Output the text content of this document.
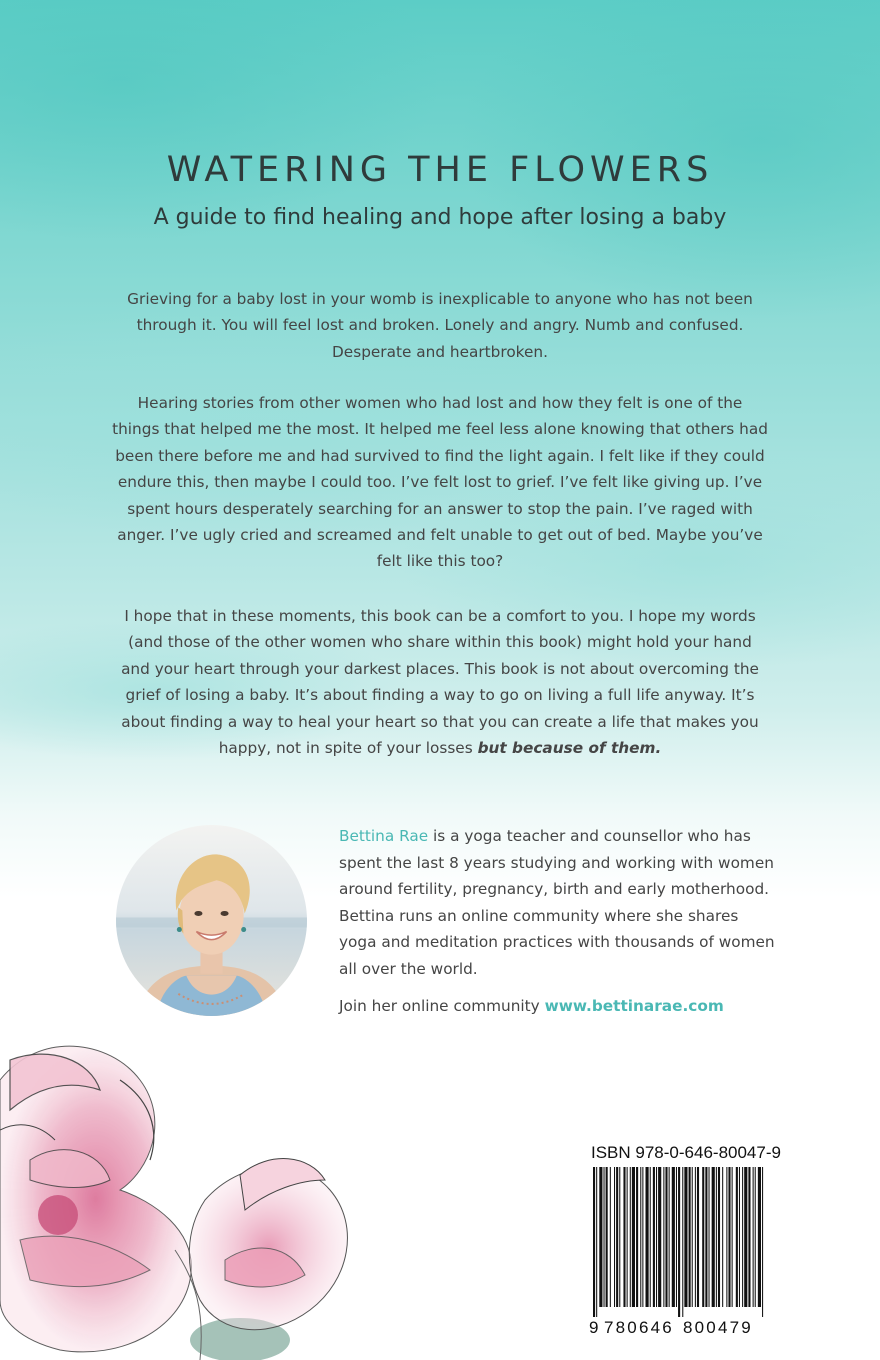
WATERING THE FLOWERS

A guide to find healing and hope after losing a baby

Grieving for a baby lost in your womb is inexplicable to anyone who has not been through it. You will feel lost and broken. Lonely and angry. Numb and confused. Desperate and heartbroken.

Hearing stories from other women who had lost and how they felt is one of the things that helped me the most. It helped me feel less alone knowing that others had been there before me and had survived to find the light again. I felt like if they could endure this, then maybe I could too. I’ve felt lost to grief. I’ve felt like giving up. I’ve spent hours desperately searching for an answer to stop the pain. I’ve raged with anger. I’ve ugly cried and screamed and felt unable to get out of bed. Maybe you’ve felt like this too?

I hope that in these moments, this book can be a comfort to you. I hope my words (and those of the other women who share within this book) might hold your hand and your heart through your darkest places. This book is not about overcoming the grief of losing a baby. It’s about finding a way to go on living a full life anyway. It’s about finding a way to heal your heart so that you can create a life that makes you happy, not in spite of your losses but because of them.

Bettina Rae is a yoga teacher and counsellor who has spent the last 8 years studying and working with women around fertility, pregnancy, birth and early motherhood. Bettina runs an online community where she shares yoga and meditation practices with thousands of women all over the world.

Join her online community www.bettinarae.com

ISBN 978-0-646-80047-9

9 780646 800479
